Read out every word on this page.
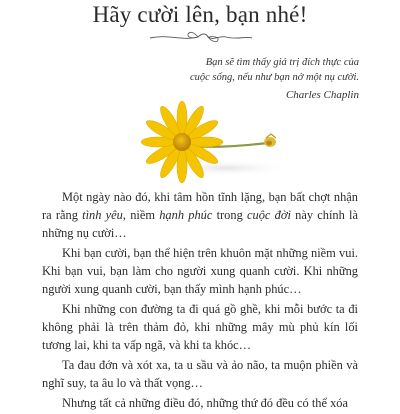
Hãy cười lên, bạn nhé!
Bạn sẽ tìm thấy giá trị đích thực của
cuộc sống, nếu như bạn nở một nụ cười.
Charles Chaplin

Một ngày nào đó, khi tâm hồn tĩnh lặng, bạn bất chợt nhận ra rằng tình yêu, niềm hạnh phúc trong cuộc đời này chính là những nụ cười…

Khi bạn cười, bạn thể hiện trên khuôn mặt những niềm vui. Khi bạn vui, bạn làm cho người xung quanh cười. Khi những người xung quanh cười, bạn thấy mình hạnh phúc…

Khi những con đường ta đi quá gồ ghề, khi mỗi bước ta đi không phải là trên thảm đỏ, khi những mây mù phủ kín lối tương lai, khi ta vấp ngã, và khi ta khóc…

Ta đau đớn và xót xa, ta u sầu và ảo não, ta muộn phiền và nghĩ suy, ta âu lo và thất vọng…

Nhưng tất cả những điều đó, những thứ đó đều có thể xóa
